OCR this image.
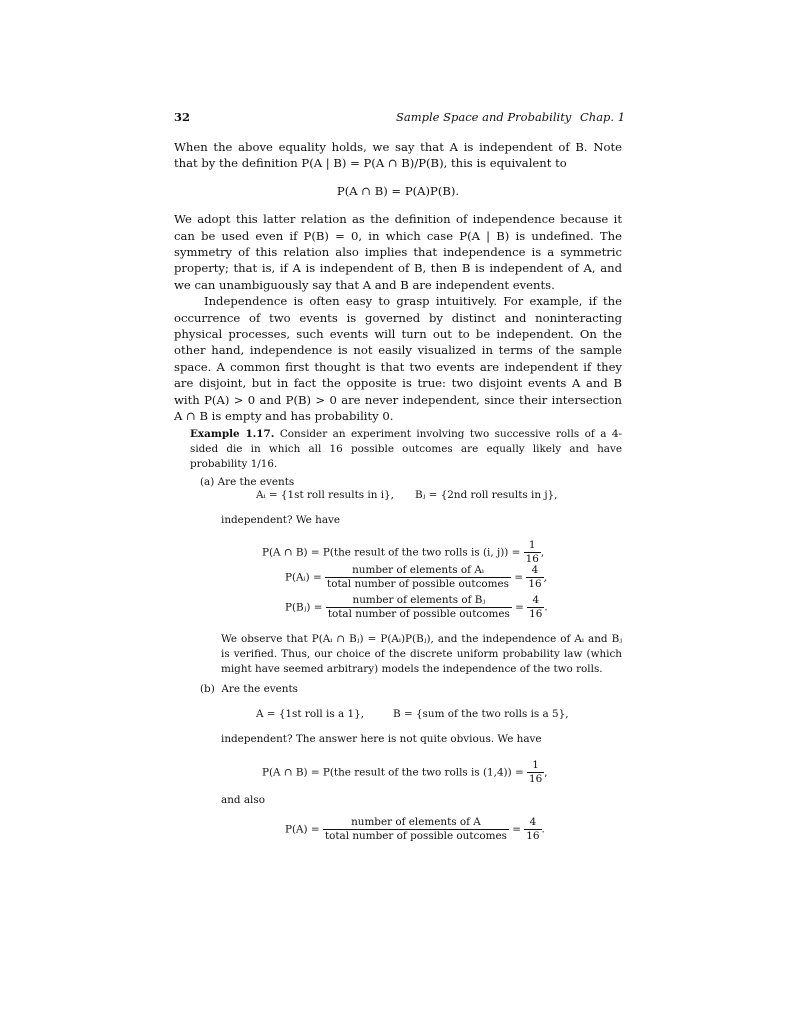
32	Sample Space and Probability Chap. 1

When the above equality holds, we say that A is independent of B. Note that by the definition P(A | B) = P(A ∩ B)/P(B), this is equivalent to

P(A ∩ B) = P(A)P(B).

We adopt this latter relation as the definition of independence because it can be used even if P(B) = 0, in which case P(A | B) is undefined. The symmetry of this relation also implies that independence is a symmetric property; that is, if A is independent of B, then B is independent of A, and we can unambiguously say that A and B are independent events.

Independence is often easy to grasp intuitively. For example, if the occurrence of two events is governed by distinct and noninteracting physical processes, such events will turn out to be independent. On the other hand, independence is not easily visualized in terms of the sample space. A common first thought is that two events are independent if they are disjoint, but in fact the opposite is true: two disjoint events A and B with P(A) > 0 and P(B) > 0 are never independent, since their intersection A ∩ B is empty and has probability 0.

Example 1.17. Consider an experiment involving two successive rolls of a 4-sided die in which all 16 possible outcomes are equally likely and have probability 1/16.

(a) Are the events

Aᵢ = {1st roll results in i}, Bⱼ = {2nd roll results in j},
independent? We have
P(A ∩ B) = P(the result of the two rolls is (i, $j)) = \frac{1}{16}$ ,
P(Aᵢ) = $\frac{\text{number of elements of Aᵢ}}{\text{total number of possible outcomes}} = \frac{4}{16}$ ,
P(Bⱼ) = $\frac{\text{number of elements of Bⱼ}}{\text{total number of possible outcomes}} = \frac{4}{16}$ .
We observe that P(Aᵢ ∩ Bⱼ) = P(Aᵢ)P(Bⱼ), and the independence of Aᵢ and Bⱼ is verified. Thus, our choice of the discrete uniform probability law (which might have seemed arbitrary) models the independence of the two rolls.
(b) Are the events
A = {1st roll is a 1},	B = {sum of the two rolls is a 5},
independent? The answer here is not quite obvious. We have
P(A ∩ B) = P(the result of the two rolls is $(1,4)) = \frac{1}{16}$ ,
and also
$P(A) = \frac{\text{number of elements of A}}{\text{total number of possible outcomes}} = \frac{4}{16}$ .
